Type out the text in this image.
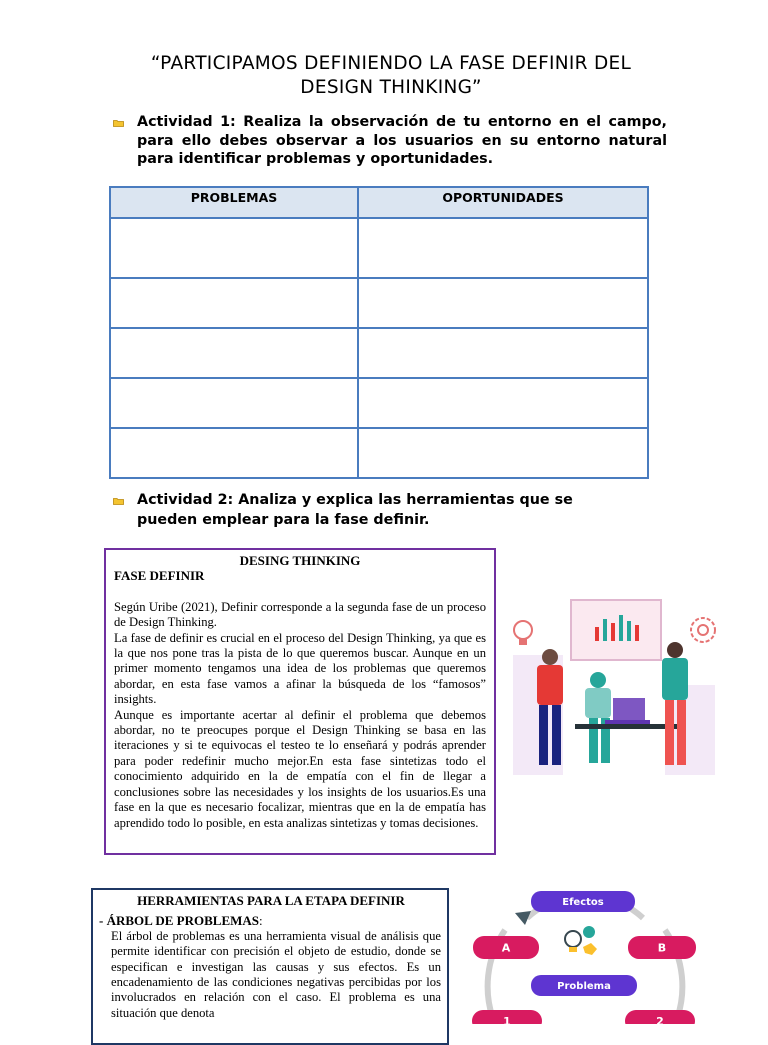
“PARTICIPAMOS DEFINIENDO LA FASE DEFINIR DEL
DESIGN THINKING”
Actividad 1: Realiza la observación de tu entorno en el campo, para ello debes observar a los usuarios en su entorno natural para identificar problemas y oportunidades.
PROBLEMAS	OPORTUNIDADES

Actividad 2: Analiza y explica las herramientas que se pueden emplear para la fase definir.
DESING THINKING
FASE DEFINIR

Según Uribe (2021), Definir corresponde a la segunda fase de un proceso de Design Thinking.

La fase de definir es crucial en el proceso del Design Thinking, ya que es la que nos pone tras la pista de lo que queremos buscar. Aunque en un primer momento tengamos una idea de los problemas que queremos abordar, en esta fase vamos a afinar la búsqueda de los “famosos” insights.

Aunque es importante acertar al definir el problema que debemos abordar, no te preocupes porque el Design Thinking se basa en las iteraciones y si te equivocas el testeo te lo enseñará y podrás aprender para poder redefinir mucho mejor.En esta fase sintetizas todo el conocimiento adquirido en la de empatía con el fin de llegar a conclusiones sobre las necesidades y los insights de los usuarios.Es una fase en la que es necesario focalizar, mientras que en la de empatía has aprendido todo lo posible, en esta analizas sintetizas y tomas decisiones.

HERRAMIENTAS PARA LA ETAPA DEFINIR
- ÁRBOL DE PROBLEMAS:

El árbol de problemas es una herramienta visual de análisis que permite identificar con precisión el objeto de estudio, donde se especifican e investigan las causas y sus efectos. Es un encadenamiento de las condiciones negativas percibidas por los involucrados en relación con el caso. El problema es una situación que denota

Efectos
A	B
Problema
1	2
